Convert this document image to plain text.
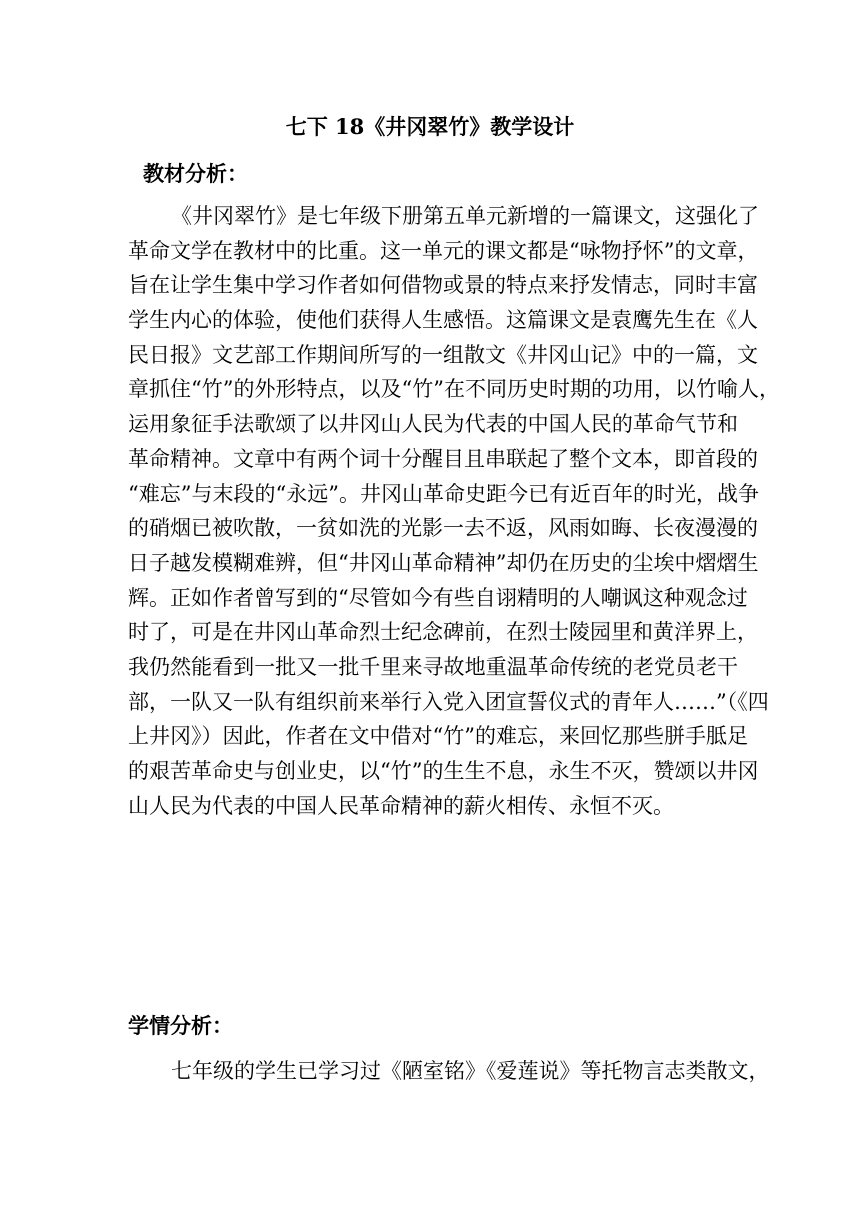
七下 18《井冈翠竹》教学设计
教材分析：
《井冈翠竹》是七年级下册第五单元新增的一篇课文，这强化了
革命文学在教材中的比重。这一单元的课文都是“咏物抒怀”的文章，
旨在让学生集中学习作者如何借物或景的特点来抒发情志，同时丰富
学生内心的体验，使他们获得人生感悟。这篇课文是袁鹰先生在《人
民日报》文艺部工作期间所写的一组散文《井冈山记》中的一篇，文
章抓住“竹”的外形特点，以及“竹”在不同历史时期的功用，以竹喻人，
运用象征手法歌颂了以井冈山人民为代表的中国人民的革命气节和
革命精神。文章中有两个词十分醒目且串联起了整个文本，即首段的
“难忘”与末段的“永远”。井冈山革命史距今已有近百年的时光，战争
的硝烟已被吹散，一贫如洗的光影一去不返，风雨如晦、长夜漫漫的
日子越发模糊难辨，但“井冈山革命精神”却仍在历史的尘埃中熠熠生
辉。正如作者曾写到的“尽管如今有些自诩精明的人嘲讽这种观念过
时了，可是在井冈山革命烈士纪念碑前，在烈士陵园里和黄洋界上，
我仍然能看到一批又一批千里来寻故地重温革命传统的老党员老干
部，一队又一队有组织前来举行入党入团宣誓仪式的青年人……”（《四
上井冈》）因此，作者在文中借对“竹”的难忘，来回忆那些胼手胝足
的艰苦革命史与创业史，以“竹”的生生不息，永生不灭，赞颂以井冈
山人民为代表的中国人民革命精神的薪火相传、永恒不灭。
学情分析：
七年级的学生已学习过《陋室铭》《爱莲说》等托物言志类散文，
